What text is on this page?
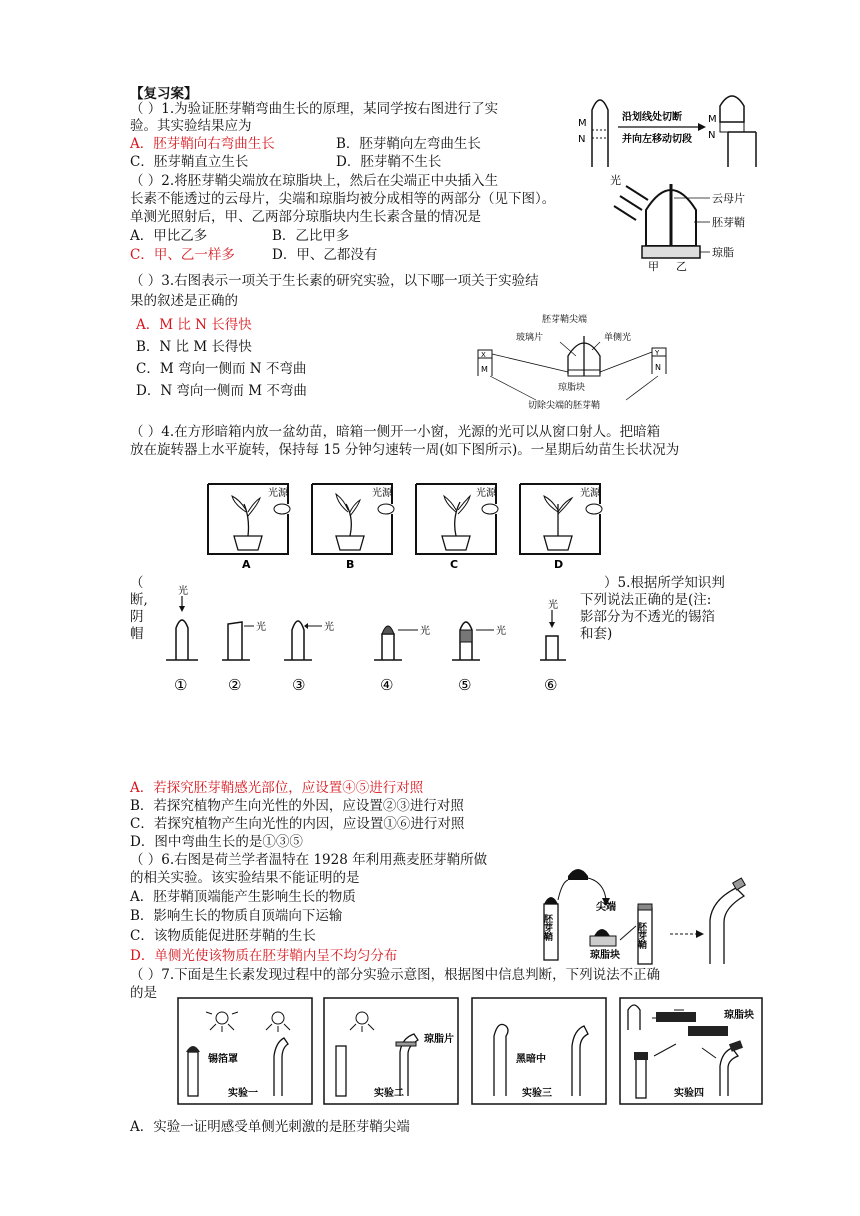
【复习案】
（ ）1.为验证胚芽鞘弯曲生长的原理，某同学按右图进行了实
验。其实验结果应为
A．胚芽鞘向右弯曲生长	B．胚芽鞘向左弯曲生长
C．胚芽鞘直立生长	D．胚芽鞘不生长
M
N
沿划线处切断
并向左移动切段
M
N
（ ）2.将胚芽鞘尖端放在琼脂块上，然后在尖端正中央插入生
长素不能透过的云母片，尖端和琼脂均被分成相等的两部分（见下图）。
单测光照射后，甲、乙两部分琼脂块内生长素含量的情况是
A．甲比乙多	B．乙比甲多
C．甲、乙一样多	D．甲、乙都没有
光
云母片
胚芽鞘
琼脂
甲 乙
（ ）3.右图表示一项关于生长素的研究实验，以下哪一项关于实验结
果的叙述是正确的
A．M 比 N 长得快
B．N 比 M 长得快
C．M 弯向一侧而 N 不弯曲
D．N 弯向一侧而 M 不弯曲
胚芽鞘尖端
玻璃片	单侧光
X
M
Y
N
琼脂块
切除尖端的胚芽鞘
（ ）4.在方形暗箱内放一盆幼苗，暗箱一侧开一小窗，光源的光可以从窗口射人。把暗箱
放在旋转器上水平旋转，保持每 15 分钟匀速转一周(如下图所示)。一星期后幼苗生长状况为
光源
A
光源
B
光源
C
光源
D
（
断,
阴
帽
）5.根据所学知识判
下列说法正确的是(注:
影部分为不透光的锡箔
和套)
光
①
光
②
光
③
光
④
光
⑤
光
⑥
A．若探究胚芽鞘感光部位，应设置④⑤进行对照
B．若探究植物产生向光性的外因，应设置②③进行对照
C．若探究植物产生向光性的内因，应设置①⑥进行对照
D．图中弯曲生长的是①③⑤
（ ）6.右图是荷兰学者温特在 1928 年利用燕麦胚芽鞘所做
的相关实验。该实验结果不能证明的是
A．胚芽鞘顶端能产生影响生长的物质
B．影响生长的物质自顶端向下运输
C．该物质能促进胚芽鞘的生长
D．单侧光使该物质在胚芽鞘内呈不均匀分布
胚芽鞘
尖端
琼脂块
胚芽鞘
（ ）7.下面是生长素发现过程中的部分实验示意图，根据图中信息判断，下列说法不正确
的是
锡箔罩
实验一
琼脂片
实验二
黑暗中
实验三
琼脂块
实验四
A．实验一证明感受单侧光刺激的是胚芽鞘尖端
